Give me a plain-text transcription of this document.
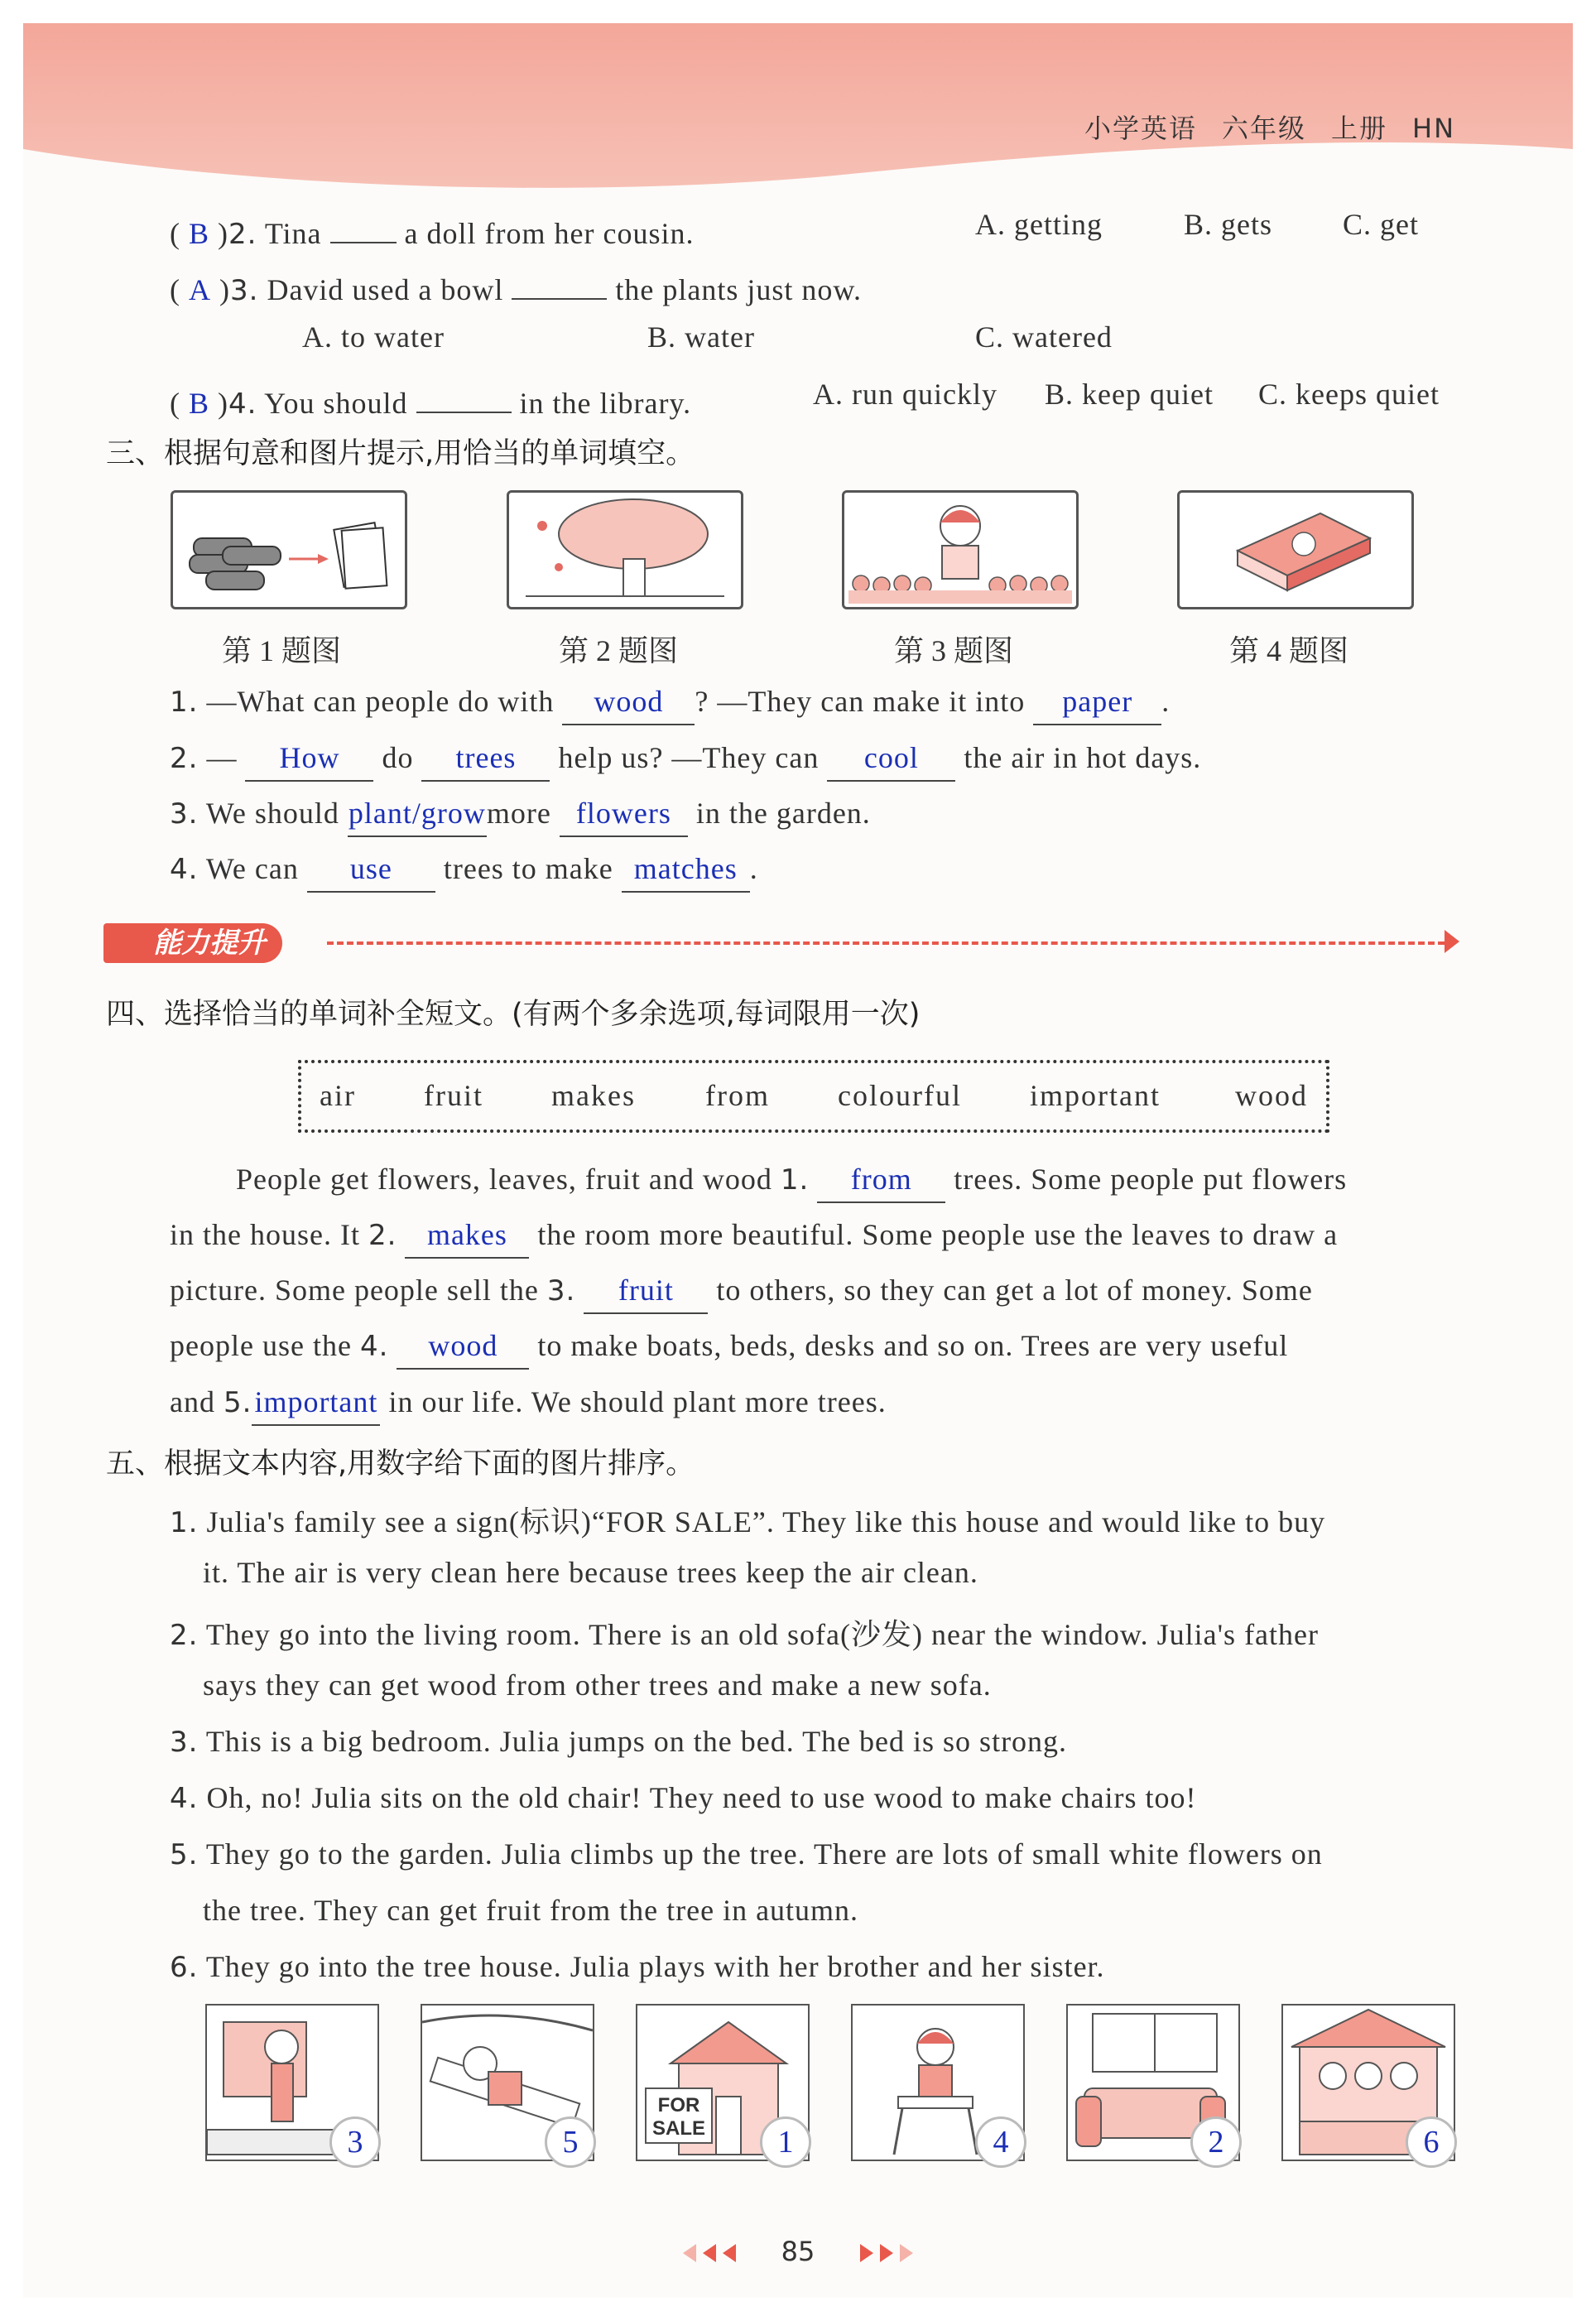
小学英语 六年级 上册 HN
( B )2. Tina	a doll from her cousin.	A. getting	B. gets C. get
( A )3. David used a bowl	the plants just now.
A. to water	B. water	C. watered
( B )4. You should	in the library.	A. run quickly B. keep quiet C. keeps quiet
三、根据句意和图片提示,用恰当的单词填空。
第 1 题图	第 2 题图	第 3 题图	第 4 题图
1. —What can people do with wood ? —They can make it into paper .
2. — How do trees help us? —They can cool the air in hot days.
3. We should plant/growmore flowers in the garden.
4. We can use trees to make matches .
能力提升
四、选择恰当的单词补全短文。(有两个多余选项,每词限用一次)
air fruit makes from colourful important	wood
People get flowers, leaves, fruit and wood 1. from trees. Some people put flowers
in the house. It 2. makes the room more beautiful. Some people use the leaves to draw a
picture. Some people sell the 3. fruit to others, so they can get a lot of money. Some
people use the 4. wood to make boats, beds, desks and so on. Trees are very useful
and 5.important in our life. We should plant more trees.
五、根据文本内容,用数字给下面的图片排序。
1. Julia's family see a sign(标识)“FOR SALE”. They like this house and would like to buy
it. The air is very clean here because trees keep the air clean.
2. They go into the living room. There is an old sofa(沙发) near the window. Julia's father
says they can get wood from other trees and make a new sofa.
3. This is a big bedroom. Julia jumps on the bed. The bed is so strong.
4. Oh, no! Julia sits on the old chair! They need to use wood to make chairs too!
5. They go to the garden. Julia climbs up the tree. There are lots of small white flowers on
the tree. They can get fruit from the tree in autumn.
6. They go into the tree house. Julia plays with her brother and her sister.
3	5
FOR
SALE	1	4	2	6
85
